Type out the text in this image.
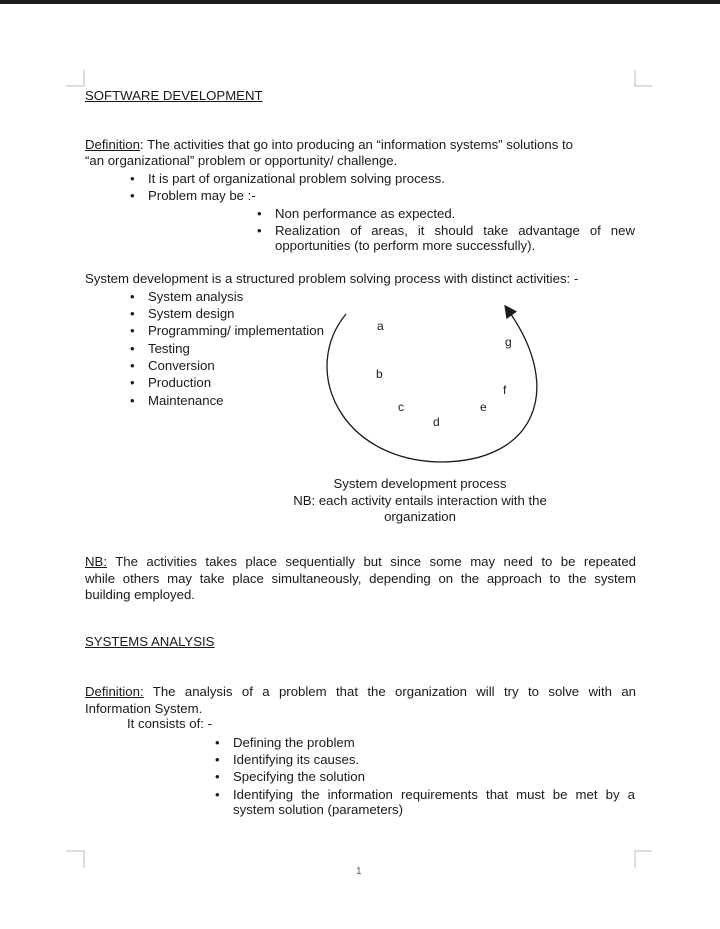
SOFTWARE DEVELOPMENT
Definition: The activities that go into producing an “information systems” solutions to
“an organizational” problem or opportunity/ challenge.
• It is part of organizational problem solving process.
• Problem may be :-
• Non performance as expected.
• Realization of areas, it should take advantage of new
opportunities (to perform more successfully).
System development is a structured problem solving process with distinct activities: -
• System analysis
• System design
• Programming/ implementation
• Testing
• Conversion
• Production
• Maintenance
a
b
c
d
e
f
g
System development process
NB: each activity entails interaction with the
organization
NB: The activities takes place sequentially but since some may need to be repeated
while others may take place simultaneously, depending on the approach to the system
building employed.
SYSTEMS ANALYSIS
Definition: The analysis of a problem that the organization will try to solve with an
Information System.
It consists of: -
• Defining the problem
• Identifying its causes.
• Specifying the solution
• Identifying the information requirements that must be met by a
system solution (parameters)
1
